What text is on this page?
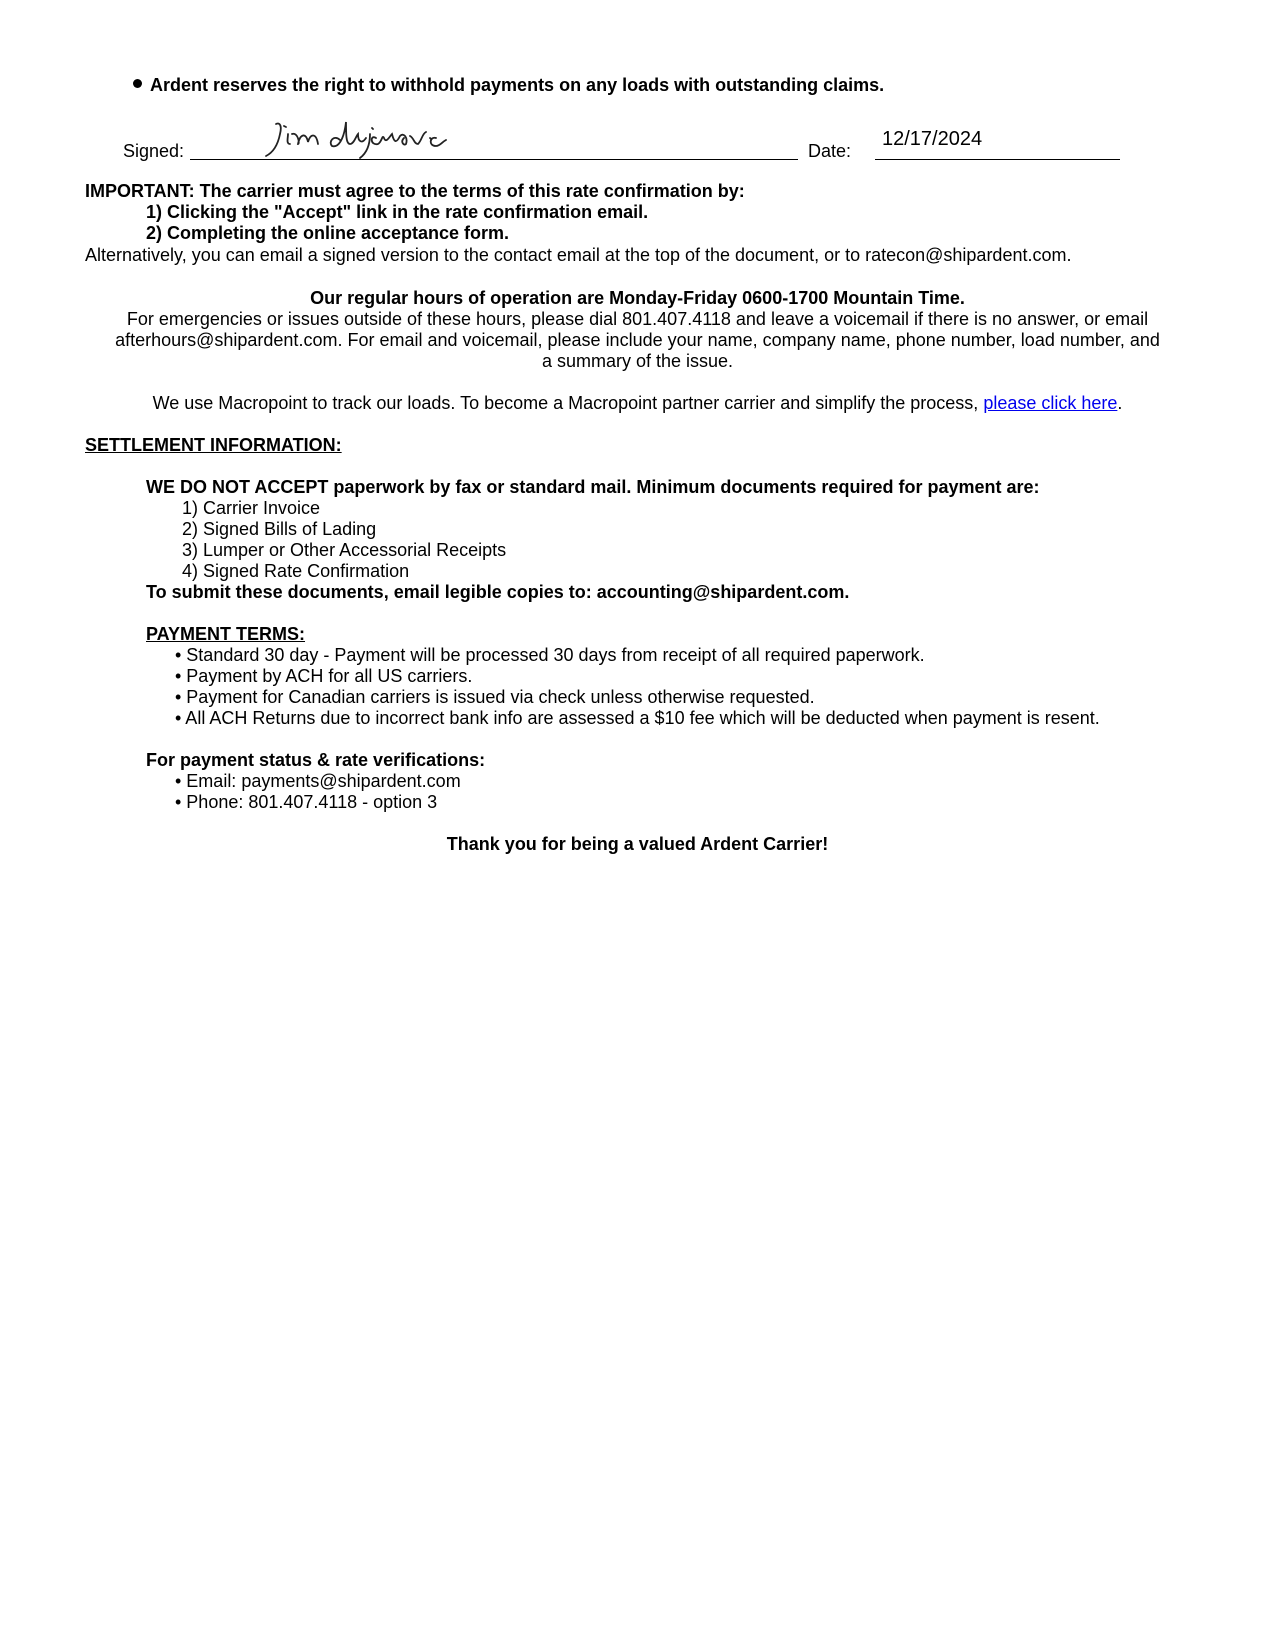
Ardent reserves the right to withhold payments on any loads with outstanding claims.
Signed:	Date:
12/17/2024
IMPORTANT: The carrier must agree to the terms of this rate confirmation by:
1) Clicking the "Accept" link in the rate confirmation email.
2) Completing the online acceptance form.
Alternatively, you can email a signed version to the contact email at the top of the document, or to ratecon@shipardent.com.
Our regular hours of operation are Monday-Friday 0600-1700 Mountain Time.
For emergencies or issues outside of these hours, please dial 801.407.4118 and leave a voicemail if there is no answer, or email
afterhours@shipardent.com. For email and voicemail, please include your name, company name, phone number, load number, and
a summary of the issue.
We use Macropoint to track our loads. To become a Macropoint partner carrier and simplify the process, please click here.
SETTLEMENT INFORMATION:
WE DO NOT ACCEPT paperwork by fax or standard mail. Minimum documents required for payment are:
1) Carrier Invoice
2) Signed Bills of Lading
3) Lumper or Other Accessorial Receipts
4) Signed Rate Confirmation
To submit these documents, email legible copies to: accounting@shipardent.com.
PAYMENT TERMS:
• Standard 30 day - Payment will be processed 30 days from receipt of all required paperwork.
• Payment by ACH for all US carriers.
• Payment for Canadian carriers is issued via check unless otherwise requested.
• All ACH Returns due to incorrect bank info are assessed a $10 fee which will be deducted when payment is resent.
For payment status & rate verifications:
• Email: payments@shipardent.com
• Phone: 801.407.4118 - option 3
Thank you for being a valued Ardent Carrier!
